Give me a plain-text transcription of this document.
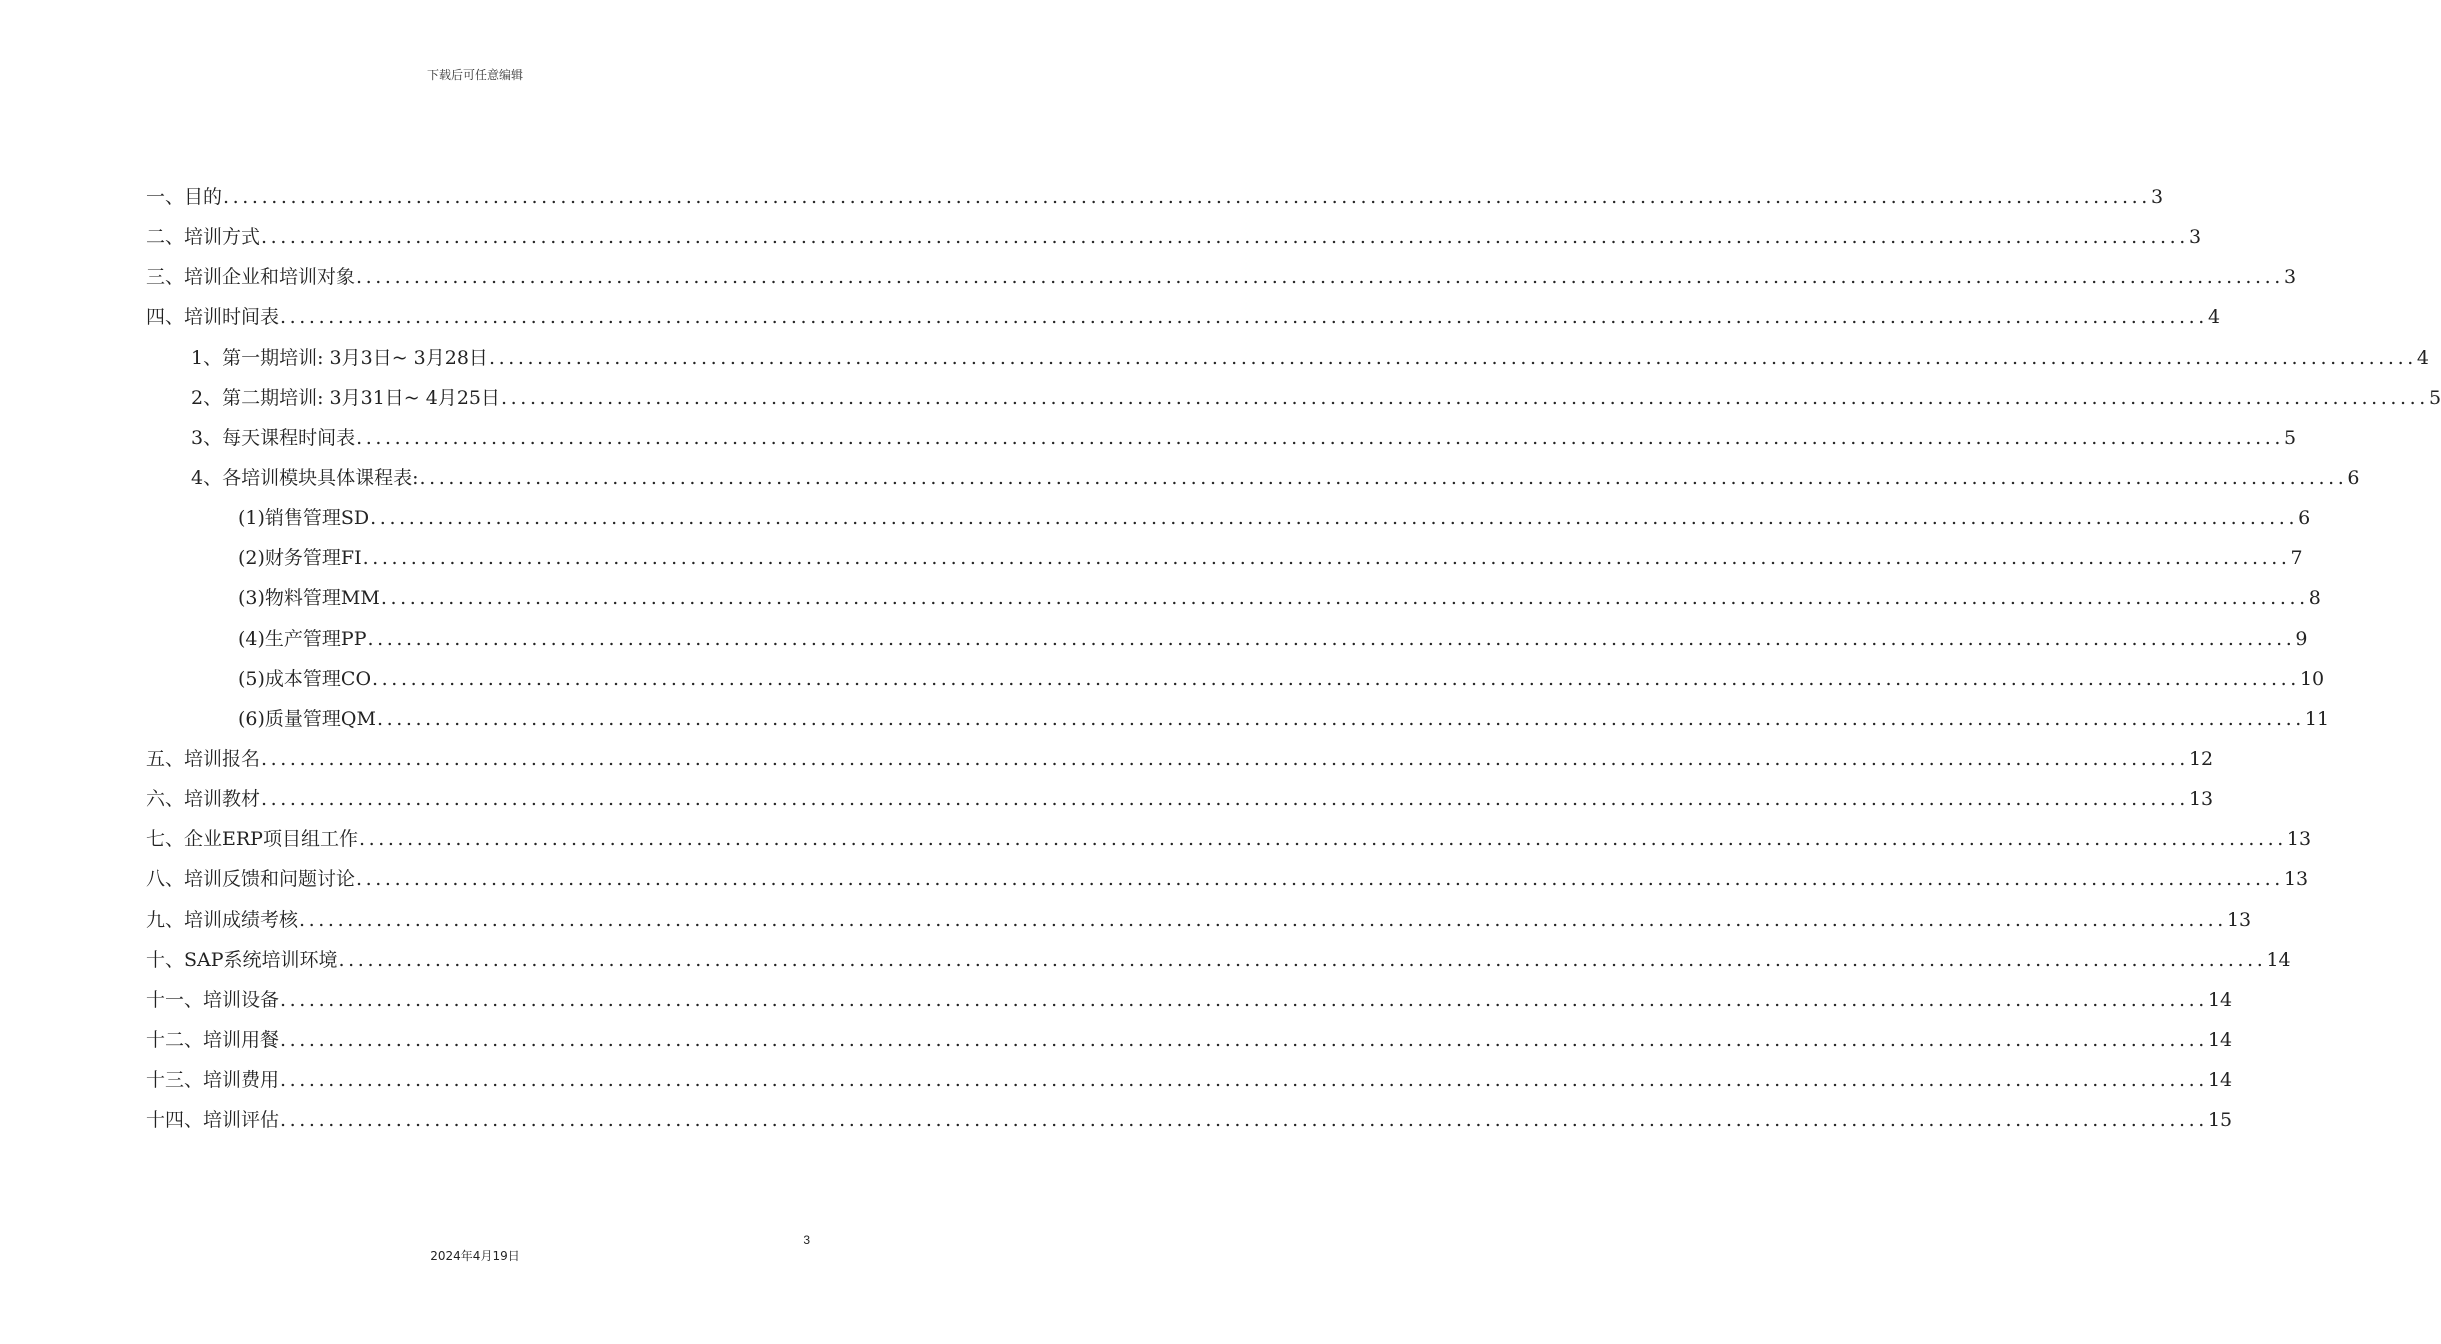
下载后可任意编辑
一、目的 ........................................................................................................................................................................................................ 3
二、培训方式 ........................................................................................................................................................................................................ 3
三、培训企业和培训对象 ........................................................................................................................................................................................................ 3
四、培训时间表 ........................................................................................................................................................................................................ 4
1、第一期培训: 3月3日~ 3月28日 ........................................................................................................................................................................................................ 4
2、第二期培训: 3月31日~ 4月25日 ........................................................................................................................................................................................................ 5
3、每天课程时间表 ........................................................................................................................................................................................................ 5
4、各培训模块具体课程表: ........................................................................................................................................................................................................ 6
(1)销售管理SD ........................................................................................................................................................................................................ 6
(2)财务管理FI ........................................................................................................................................................................................................ 7
(3)物料管理MM ........................................................................................................................................................................................................ 8
(4)生产管理PP ........................................................................................................................................................................................................ 9
(5)成本管理CO ........................................................................................................................................................................................................ 10
(6)质量管理QM ........................................................................................................................................................................................................ 11
五、培训报名 ........................................................................................................................................................................................................ 12
六、培训教材 ........................................................................................................................................................................................................ 13
七、企业ERP项目组工作 ........................................................................................................................................................................................................ 13
八、培训反馈和问题讨论 ........................................................................................................................................................................................................ 13
九、培训成绩考核 ........................................................................................................................................................................................................ 13
十、SAP系统培训环境 ........................................................................................................................................................................................................ 14
十一、培训设备 ........................................................................................................................................................................................................ 14
十二、培训用餐 ........................................................................................................................................................................................................ 14
十三、培训费用 ........................................................................................................................................................................................................ 14
十四、培训评估 ........................................................................................................................................................................................................ 15
3
2024年4月19日
